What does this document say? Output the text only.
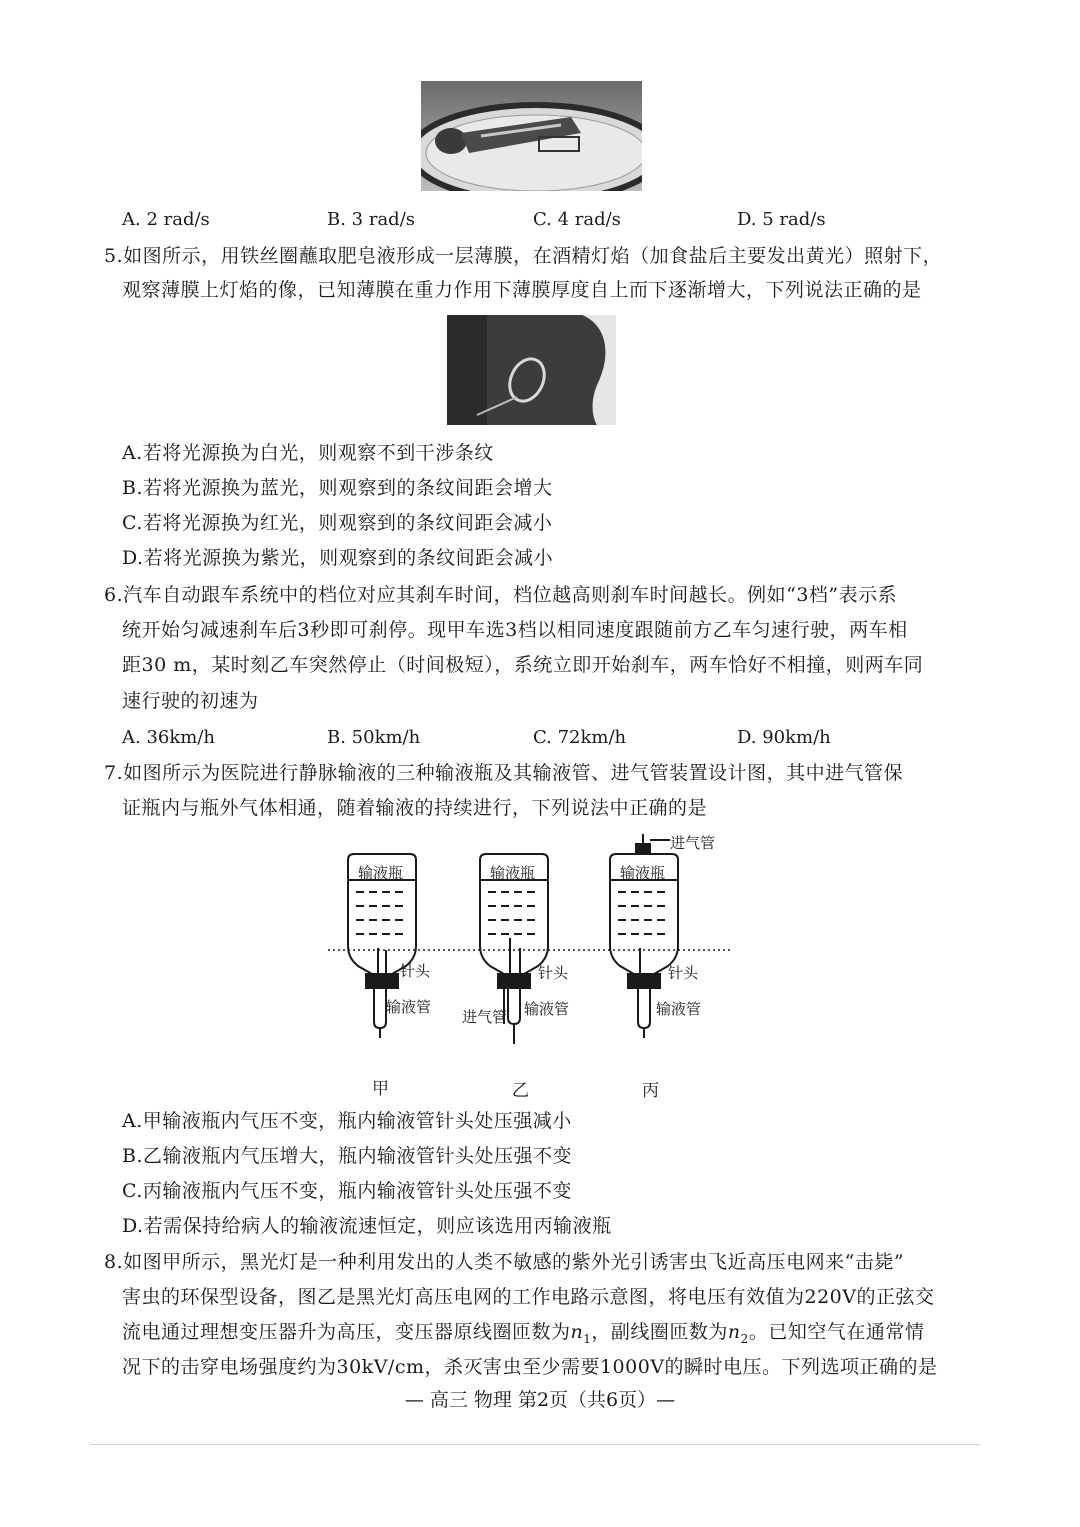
A. 2 rad/s	B. 3 rad/s	C. 4 rad/s	D. 5 rad/s
5.如图所示，用铁丝圈蘸取肥皂液形成一层薄膜，在酒精灯焰（加食盐后主要发出黄光）照射下，
观察薄膜上灯焰的像，已知薄膜在重力作用下薄膜厚度自上而下逐渐增大，下列说法正确的是
A.若将光源换为白光，则观察不到干涉条纹
B.若将光源换为蓝光，则观察到的条纹间距会增大
C.若将光源换为红光，则观察到的条纹间距会减小
D.若将光源换为紫光，则观察到的条纹间距会减小
6.汽车自动跟车系统中的档位对应其刹车时间，档位越高则刹车时间越长。例如“3档”表示系
统开始匀减速刹车后3秒即可刹停。现甲车选3档以相同速度跟随前方乙车匀速行驶，两车相
距30 m，某时刻乙车突然停止（时间极短），系统立即开始刹车，两车恰好不相撞，则两车同
速行驶的初速为
A. 36km/h	B. 50km/h	C. 72km/h	D. 90km/h
7.如图所示为医院进行静脉输液的三种输液瓶及其输液管、进气管装置设计图，其中进气管保
证瓶内与瓶外气体相通，随着输液的持续进行，下列说法中正确的是
输液瓶	输液瓶	输液瓶
针头	针头	针头
输液管	输液管	输液管
进气管
进气管
甲	乙	丙
A.甲输液瓶内气压不变，瓶内输液管针头处压强减小
B.乙输液瓶内气压增大，瓶内输液管针头处压强不变
C.丙输液瓶内气压不变，瓶内输液管针头处压强不变
D.若需保持给病人的输液流速恒定，则应该选用丙输液瓶
8.如图甲所示，黑光灯是一种利用发出的人类不敏感的紫外光引诱害虫飞近高压电网来“击毙”
害虫的环保型设备，图乙是黑光灯高压电网的工作电路示意图，将电压有效值为220V的正弦交
流电通过理想变压器升为高压，变压器原线圈匝数为$n_1$，副线圈匝数为$n_2$。已知空气在通常情
况下的击穿电场强度约为30kV/cm，杀灭害虫至少需要1000V的瞬时电压。下列选项正确的是
— 高三 物理 第2页（共6页）—
